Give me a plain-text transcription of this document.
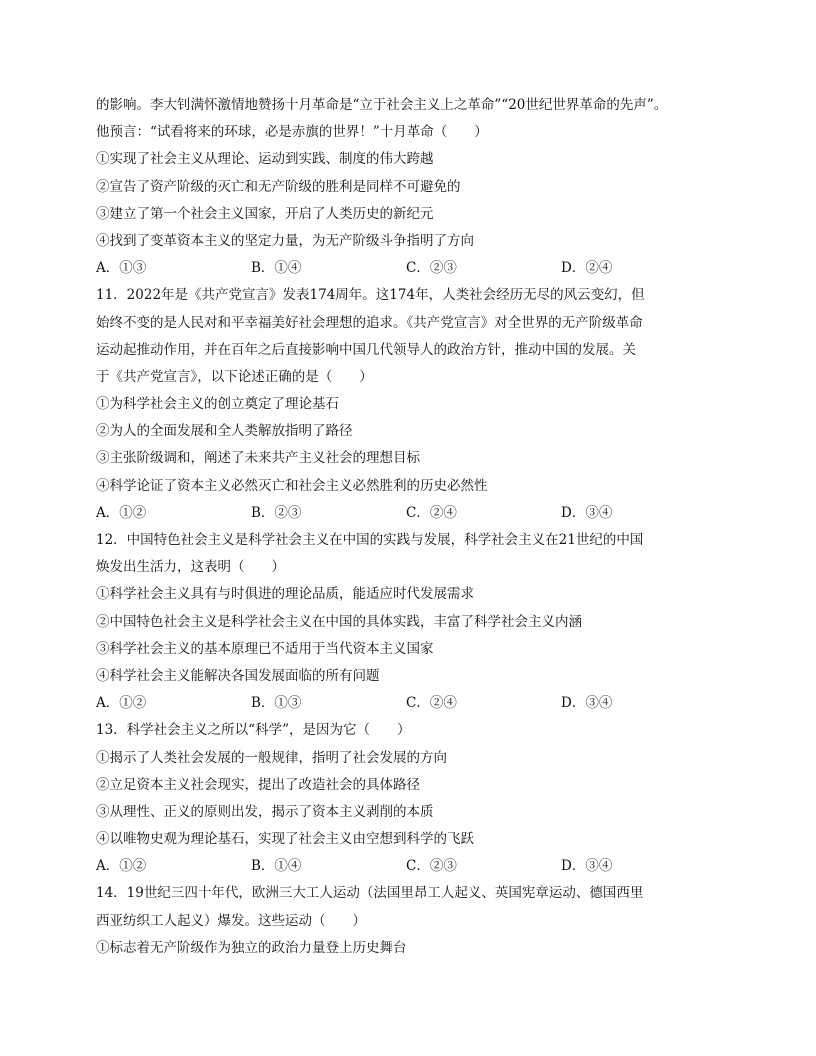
的影响。李大钊满怀激情地赞扬十月革命是“立于社会主义上之革命”“20世纪世界革命的先声”。
他预言：“试看将来的环球，必是赤旗的世界！”十月革命（　　）
①实现了社会主义从理论、运动到实践、制度的伟大跨越
②宣告了资产阶级的灭亡和无产阶级的胜利是同样不可避免的
③建立了第一个社会主义国家，开启了人类历史的新纪元
④找到了变革资本主义的坚定力量，为无产阶级斗争指明了方向
A．①③	B．①④	C．②③	D．②④
11．2022年是《共产党宣言》发表174周年。这174年，人类社会经历无尽的风云变幻，但
始终不变的是人民对和平幸福美好社会理想的追求。《共产党宣言》对全世界的无产阶级革命
运动起推动作用，并在百年之后直接影响中国几代领导人的政治方针，推动中国的发展。关
于《共产党宣言》，以下论述正确的是（　　）
①为科学社会主义的创立奠定了理论基石
②为人的全面发展和全人类解放指明了路径
③主张阶级调和，阐述了未来共产主义社会的理想目标
④科学论证了资本主义必然灭亡和社会主义必然胜利的历史必然性
A．①②	B．②③	C．②④	D．③④
12．中国特色社会主义是科学社会主义在中国的实践与发展，科学社会主义在21世纪的中国
焕发出生活力，这表明（　　）
①科学社会主义具有与时俱进的理论品质，能适应时代发展需求
②中国特色社会主义是科学社会主义在中国的具体实践，丰富了科学社会主义内涵
③科学社会主义的基本原理已不适用于当代资本主义国家
④科学社会主义能解决各国发展面临的所有问题
A．①②	B．①③	C．②④	D．③④
13．科学社会主义之所以“科学”，是因为它（　　）
①揭示了人类社会发展的一般规律，指明了社会发展的方向
②立足资本主义社会现实，提出了改造社会的具体路径
③从理性、正义的原则出发，揭示了资本主义剥削的本质
④以唯物史观为理论基石，实现了社会主义由空想到科学的飞跃
A．①②	B．①④	C．②③	D．③④
14．19世纪三四十年代，欧洲三大工人运动（法国里昂工人起义、英国宪章运动、德国西里
西亚纺织工人起义）爆发。这些运动（　　）
①标志着无产阶级作为独立的政治力量登上历史舞台
